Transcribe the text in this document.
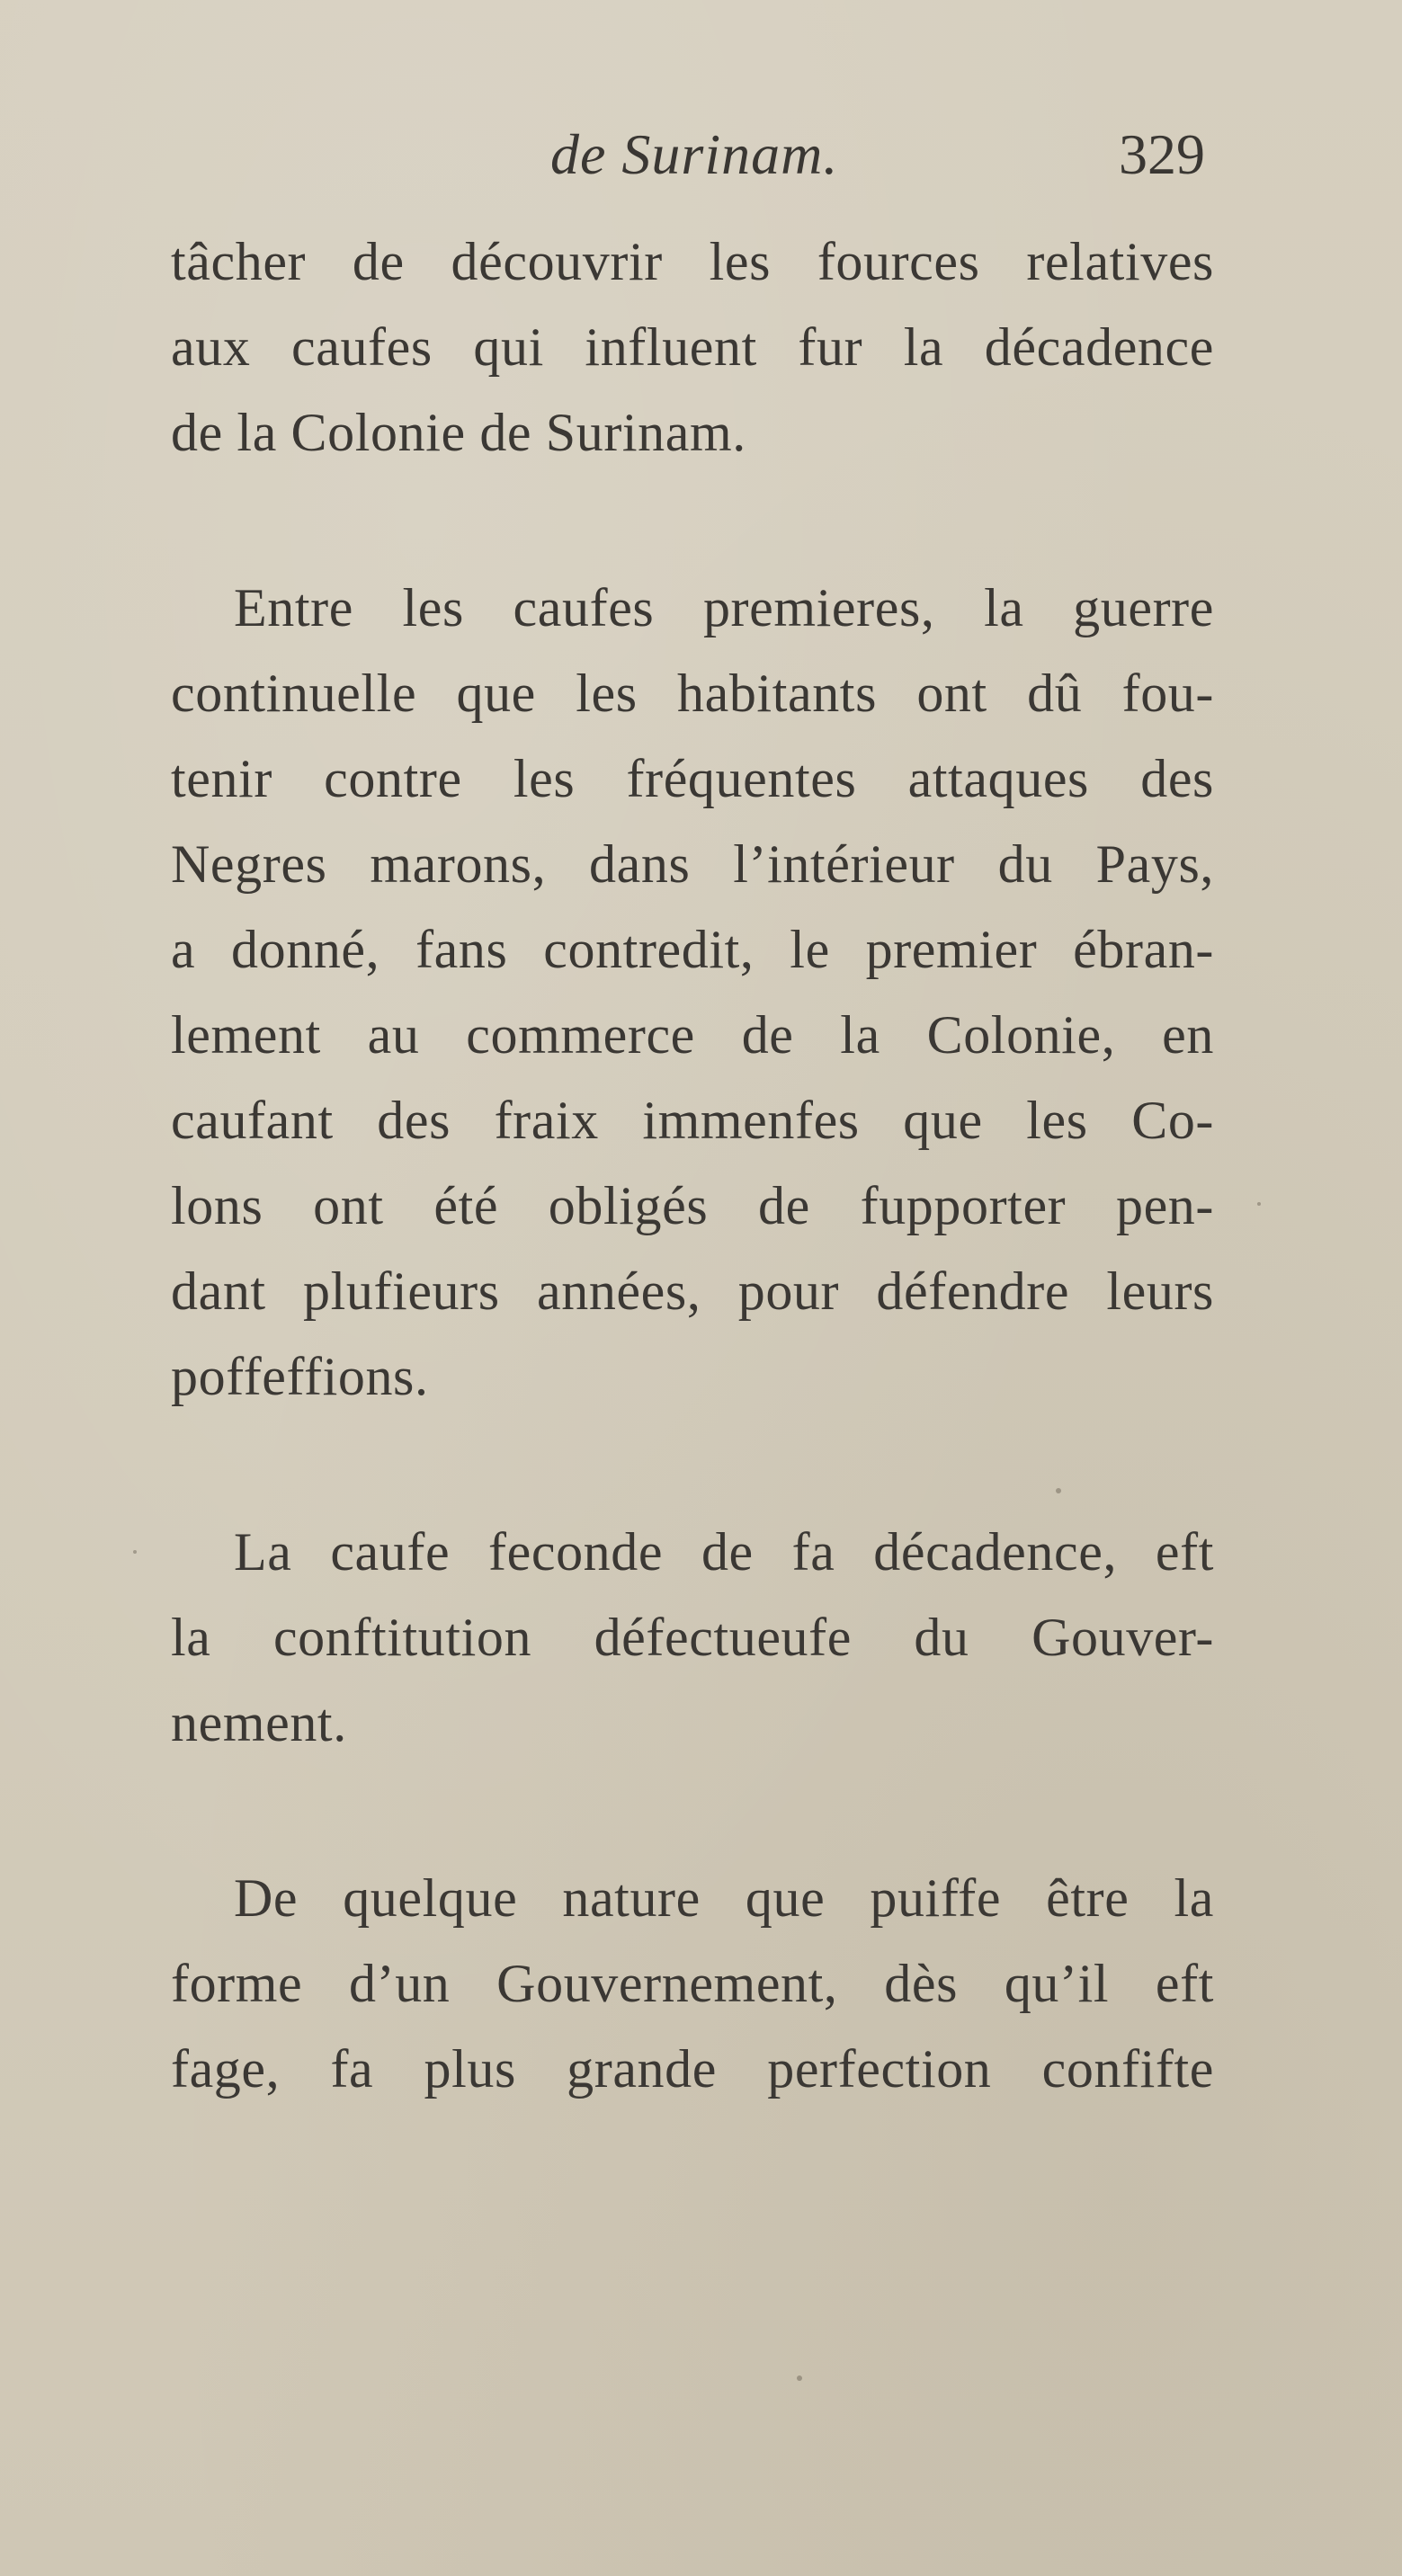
de Surinam.	329
tâcher de découvrir les fources relatives
aux caufes qui influent fur la décadence
de la Colonie de Surinam.
Entre les caufes premieres, la guerre
continuelle que les habitants ont dû fou-
tenir contre les fréquentes attaques des
Negres marons, dans l’intérieur du Pays,
a donné, fans contredit, le premier ébran-
lement au commerce de la Colonie, en
caufant des fraix immenfes que les Co-
lons ont été obligés de fupporter pen-
dant plufieurs années, pour défendre leurs
poffeffions.
La caufe feconde de fa décadence, eft
la conftitution défectueufe du Gouver-
nement.
De quelque nature que puiffe être la
forme d’un Gouvernement, dès qu’il eft
fage, fa plus grande perfection confifte
